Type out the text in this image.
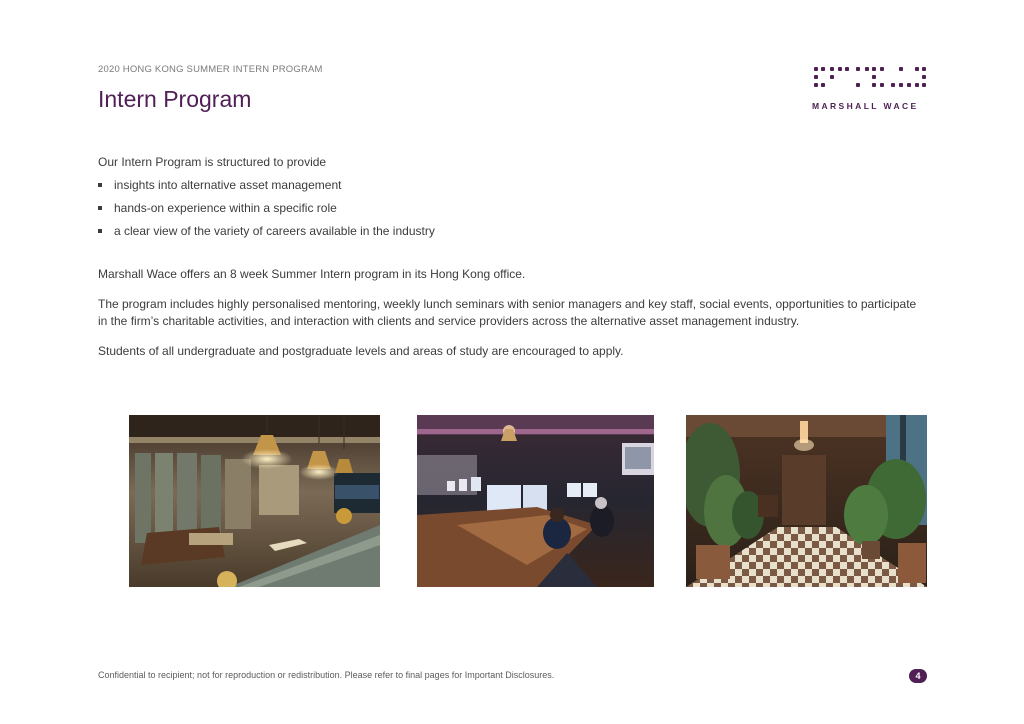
2020 HONG KONG SUMMER INTERN PROGRAM
Intern Program	MARSHALL WACE

Our Intern Program is structured to provide

insights into alternative asset management
hands-on experience within a specific role
a clear view of the variety of careers available in the industry

Marshall Wace offers an 8 week Summer Intern program in its Hong Kong office.

The program includes highly personalised mentoring, weekly lunch seminars with senior managers and key staff, social events, opportunities to participate in the firm’s charitable activities, and interaction with clients and service providers across the alternative asset management industry.

Students of all undergraduate and postgraduate levels and areas of study are encouraged to apply.

Confidential to recipient; not for reproduction or redistribution. Please refer to final pages for Important Disclosures.	4
